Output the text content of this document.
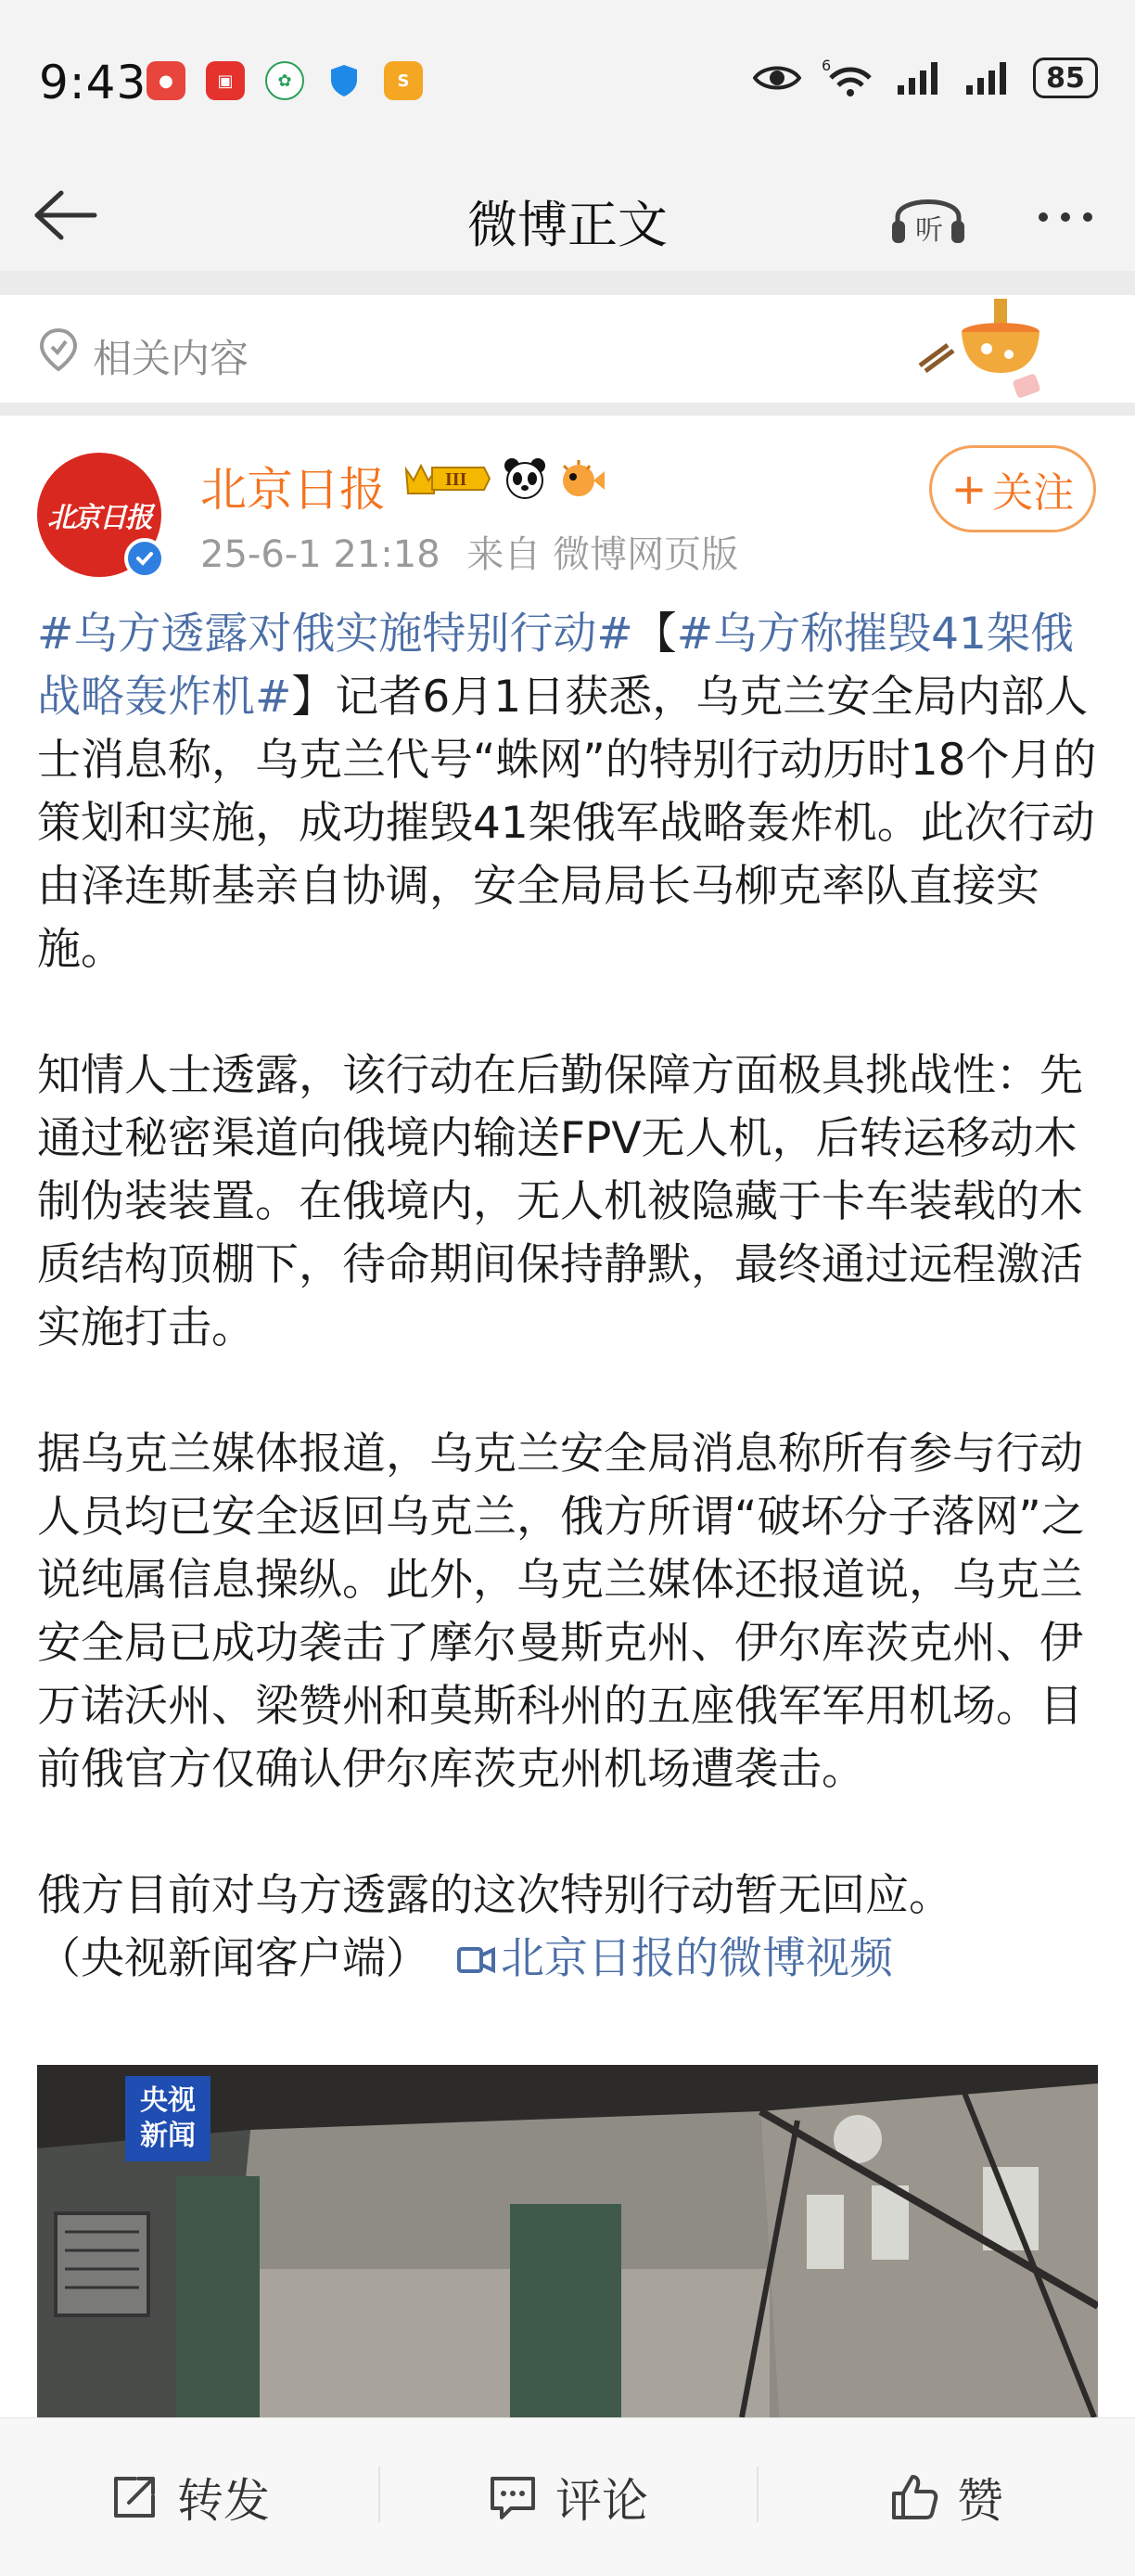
9:43 ●	▣	✿	S
6	85
微博正文	听
相关内容
北京日报
北京日报	III
25-6-1 21:18 来自 微博网页版
+ 关注

#乌方透露对俄实施特别行动#【#乌方称摧毁41架俄战略轰炸机#】记者6月1日获悉，乌克兰安全局内部人士消息称，乌克兰代号“蛛网”的特别行动历时18个月的策划和实施，成功摧毁41架俄军战略轰炸机。此次行动由泽连斯基亲自协调，安全局局长马柳克率队直接实施。

知情人士透露，该行动在后勤保障方面极具挑战性：先通过秘密渠道向俄境内输送FPV无人机，后转运移动木制伪装装置。在俄境内，无人机被隐藏于卡车装载的木质结构顶棚下，待命期间保持静默，最终通过远程激活实施打击。

据乌克兰媒体报道，乌克兰安全局消息称所有参与行动人员均已安全返回乌克兰，俄方所谓“破坏分子落网”之说纯属信息操纵。此外，乌克兰媒体还报道说，乌克兰安全局已成功袭击了摩尔曼斯克州、伊尔库茨克州、伊万诺沃州、梁赞州和莫斯科州的五座俄军军用机场。目前俄官方仅确认伊尔库茨克州机场遭袭击。

俄方目前对乌方透露的这次特别行动暂无回应。
（央视新闻客户端） 北京日报的微博视频

央视
新闻
转发	评论	赞
